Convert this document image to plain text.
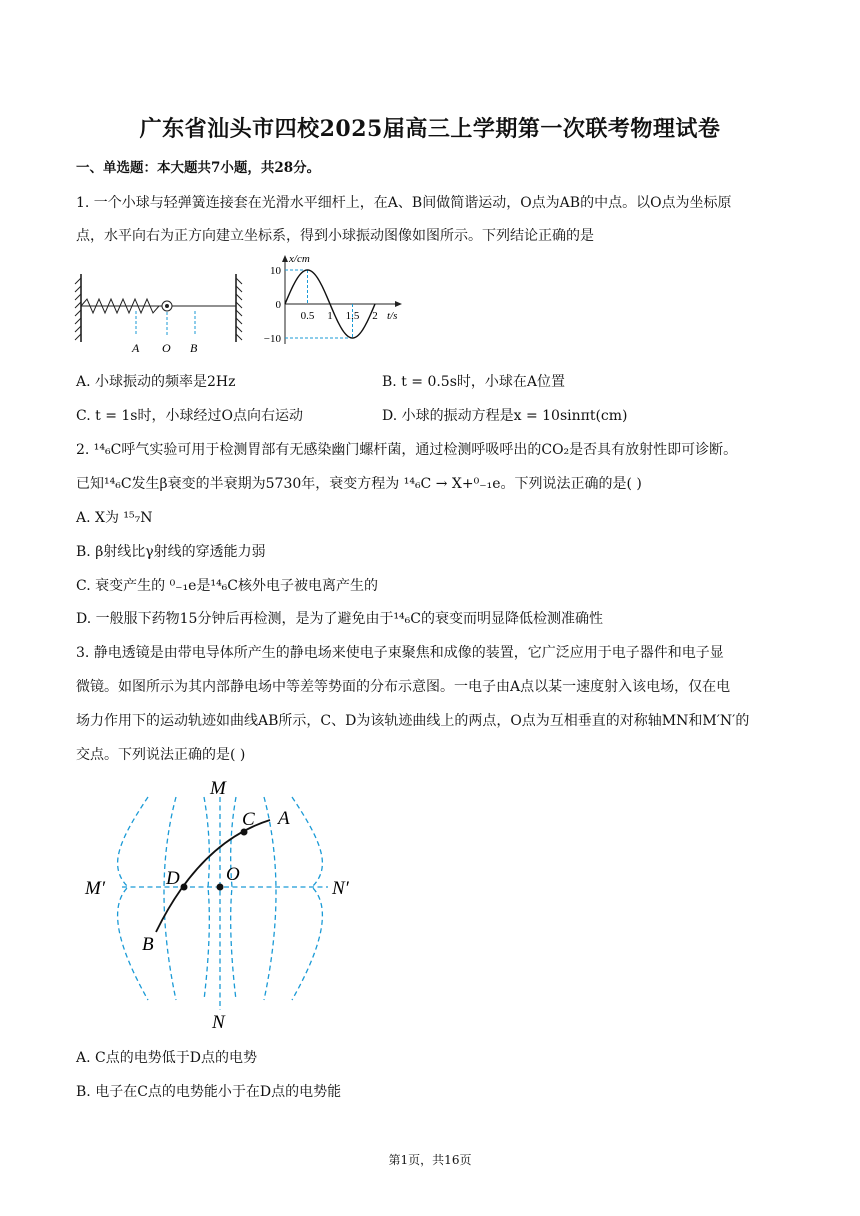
广东省汕头市四校2025届高三上学期第一次联考物理试卷
一、单选题：本大题共7小题，共28分。
1. 一个小球与轻弹簧连接套在光滑水平细杆上，在A、B间做简谐运动，O点为AB的中点。以O点为坐标原
点，水平向右为正方向建立坐标系，得到小球振动图像如图所示。下列结论正确的是
A O B
x/cm
t/s
10
0
−10
0.5 1 1.5 2
A. 小球振动的频率是2Hz	B. t = 0.5s时，小球在A位置
C. t = 1s时，小球经过O点向右运动	D. 小球的振动方程是x = 10sinπt(cm)
2. ¹⁴₆C呼气实验可用于检测胃部有无感染幽门螺杆菌，通过检测呼吸呼出的CO₂是否具有放射性即可诊断。
已知¹⁴₆C发生β衰变的半衰期为5730年，衰变方程为 ¹⁴₆C → X+⁰₋₁e。下列说法正确的是( )
A. X为 ¹⁵₇N
B. β射线比γ射线的穿透能力弱
C. 衰变产生的 ⁰₋₁e是¹⁴₆C核外电子被电离产生的
D. 一般服下药物15分钟后再检测，是为了避免由于¹⁴₆C的衰变而明显降低检测准确性
3. 静电透镜是由带电导体所产生的静电场来使电子束聚焦和成像的装置，它广泛应用于电子器件和电子显
微镜。如图所示为其内部静电场中等差等势面的分布示意图。一电子由A点以某一速度射入该电场，仅在电
场力作用下的运动轨迹如曲线AB所示，C、D为该轨迹曲线上的两点，O点为互相垂直的对称轴MN和M′N′的
交点。下列说法正确的是( )
M
N
M′	N′
A
B
C
D O
A. C点的电势低于D点的电势
B. 电子在C点的电势能小于在D点的电势能
第1页，共16页
